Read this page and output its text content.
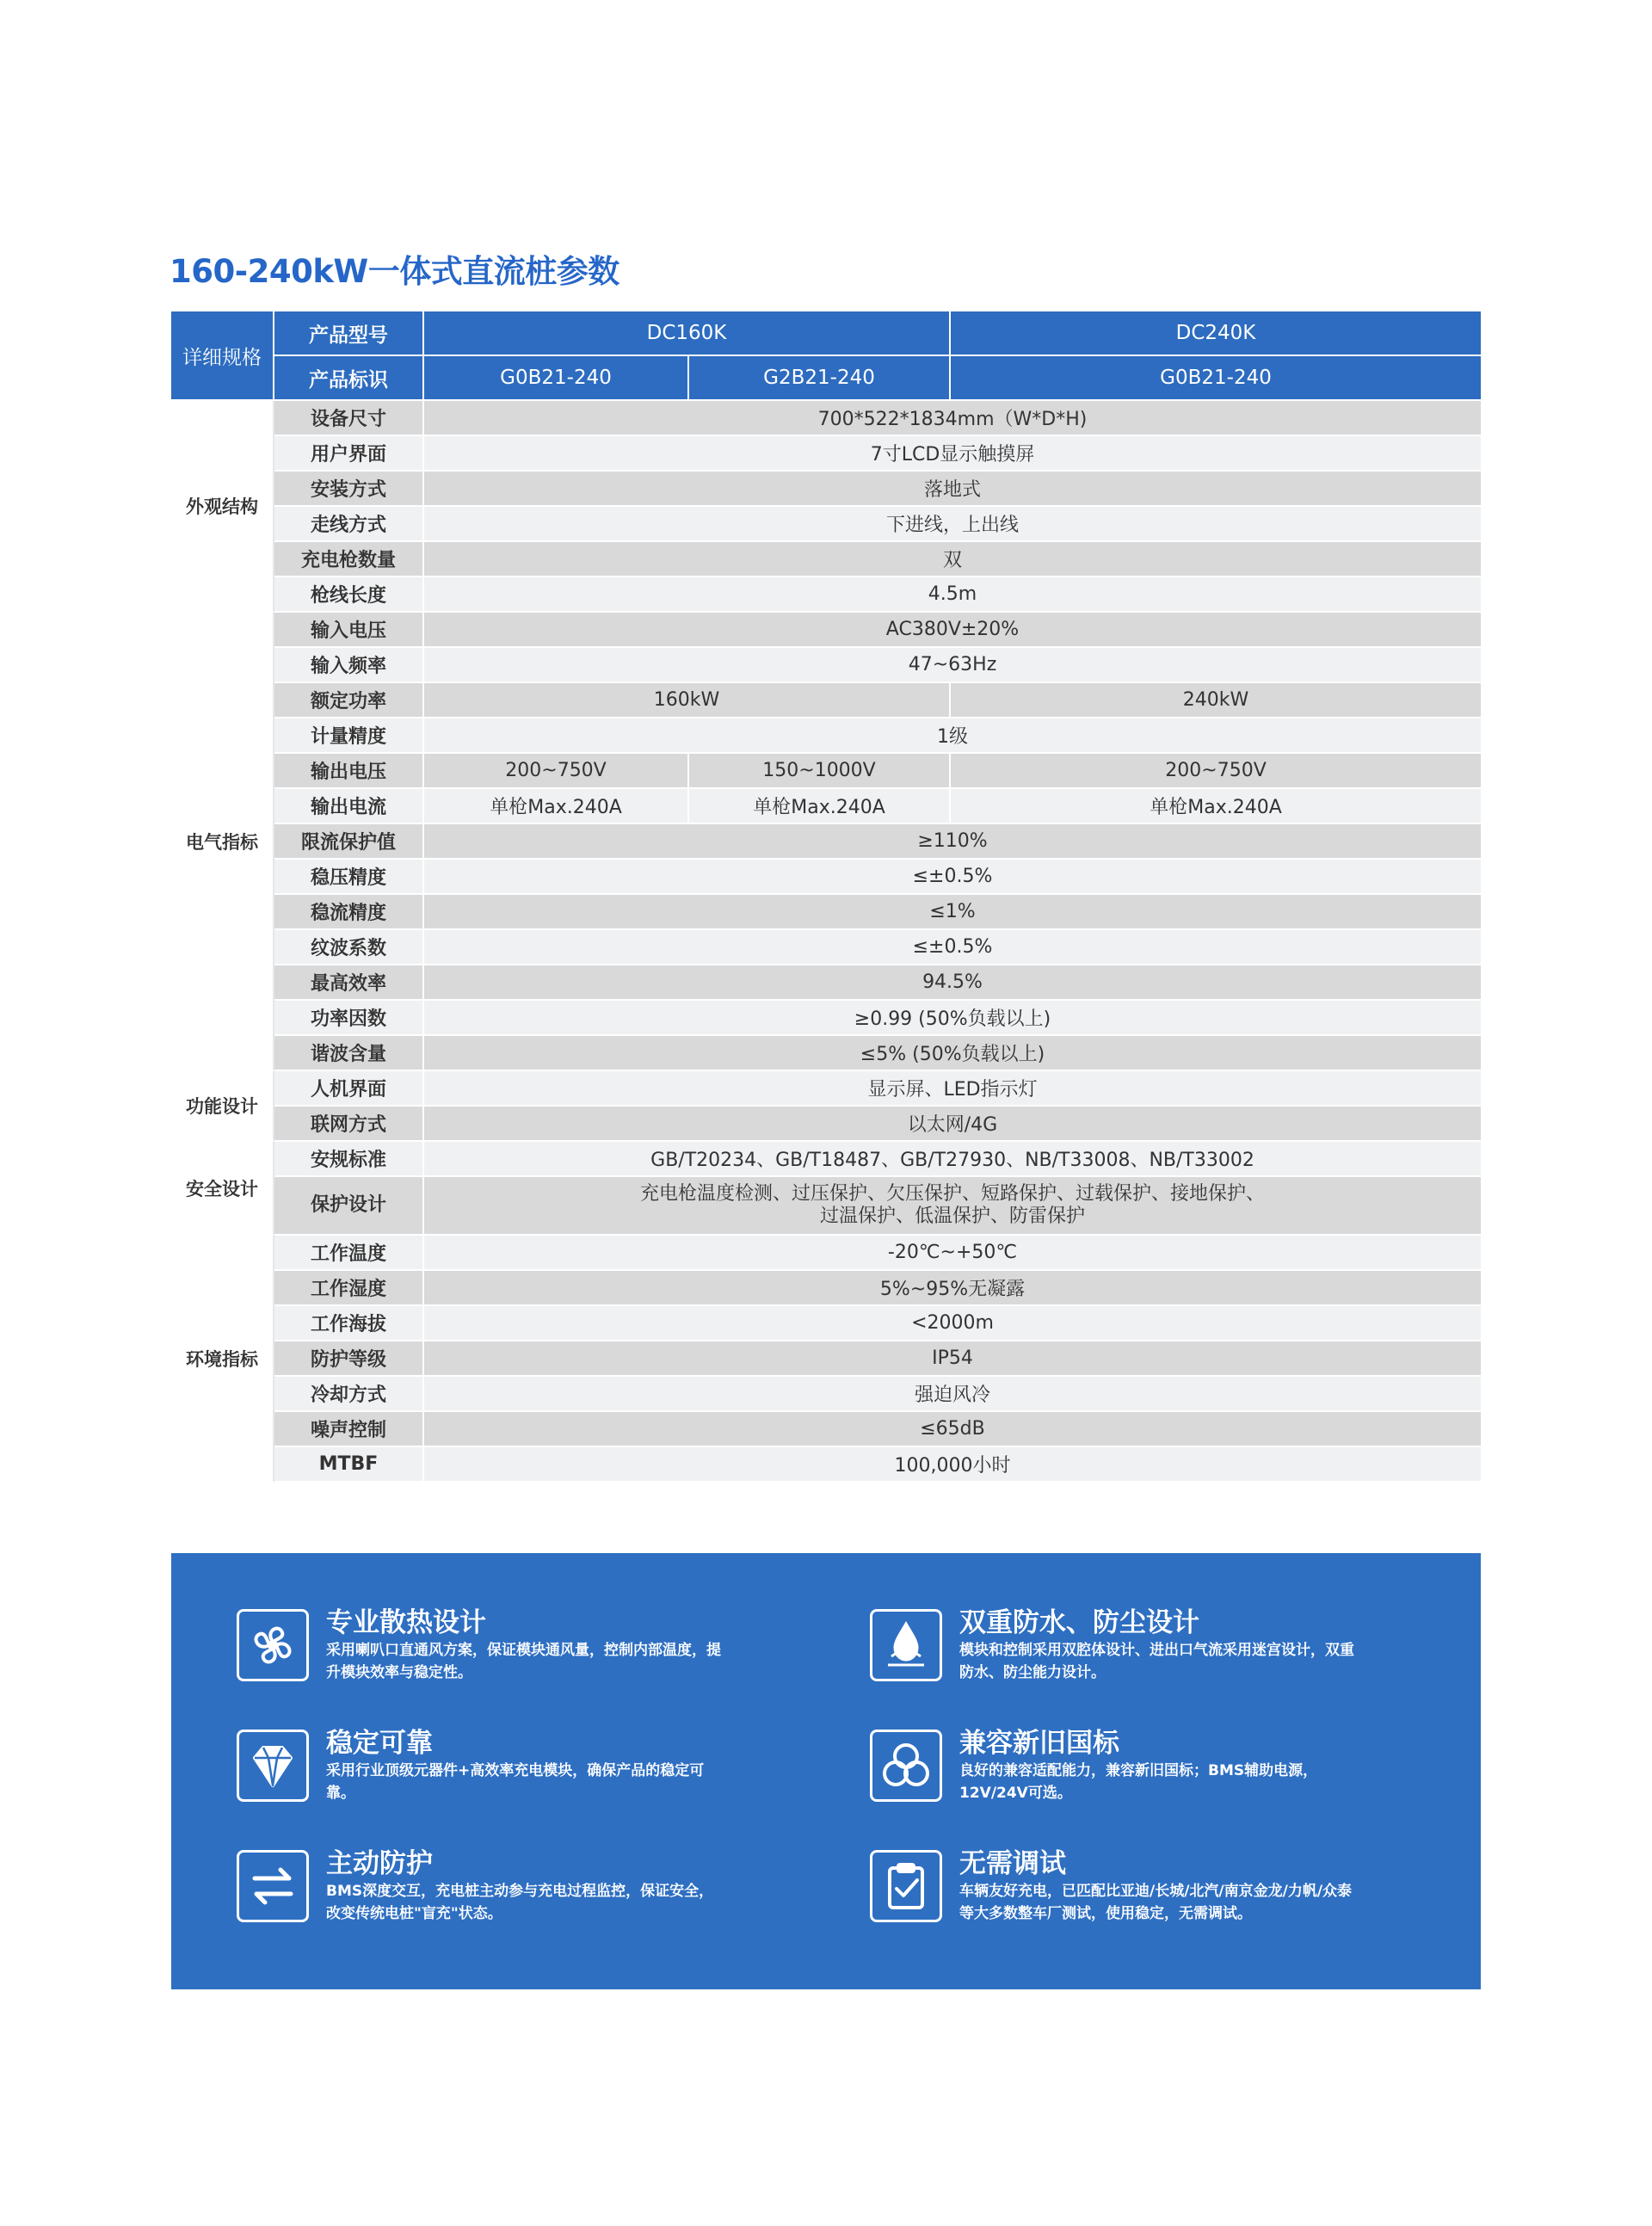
160-240kW一体式直流桩参数
详细规格	产品型号	DC160K		DC240K
	产品标识	G0B21-240	G2B21-240	G0B21-240
外观结构	设备尺寸	700*522*1834mm（W*D*H)		
	用户界面	7寸LCD显示触摸屏		
	安装方式	落地式		
	走线方式	下进线，上出线		
	充电枪数量	双		
	枪线长度	4.5m		
电气指标	输入电压	AC380V±20%		
	输入频率	47~63Hz		
	额定功率	160kW		240kW
	计量精度	1级		
	输出电压	200~750V	150~1000V	200~750V
	输出电流	单枪Max.240A	单枪Max.240A	单枪Max.240A
	限流保护值	≥110%		
	稳压精度	≤±0.5%		
	稳流精度	≤1%		
	纹波系数	≤±0.5%		
	最高效率	94.5%		
	功率因数	≥0.99 (50%负载以上)		
	谐波含量	≤5% (50%负载以上)		
功能设计	人机界面	显示屏、LED指示灯		
	联网方式	以太网/4G		
安全设计	安规标准	GB/T20234、GB/T18487、GB/T27930、NB/T33008、NB/T33002		
	保护设计	充电枪温度检测、过压保护、欠压保护、短路保护、过载保护、接地保护、
过温保护、低温保护、防雷保护		

环境指标	工作温度	-20℃~+50℃		
	工作湿度	5%~95%无凝露		
	工作海拔	<2000m		
	防护等级	IP54		
	冷却方式	强迫风冷		
	噪声控制	≤65dB		
	MTBF	100,000小时		
专业散热设计
采用喇叭口直通风方案，保证模块通风量，控制内部温度，提升模块效率与稳定性。
双重防水、防尘设计
模块和控制采用双腔体设计、进出口气流采用迷宫设计，双重防水、防尘能力设计。
稳定可靠
采用行业顶级元器件+高效率充电模块，确保产品的稳定可靠。
兼容新旧国标
良好的兼容适配能力，兼容新旧国标；BMS辅助电源，12V/24V可选。
主动防护
BMS深度交互，充电桩主动参与充电过程监控，保证安全，改变传统电桩"盲充"状态。
无需调试
车辆友好充电，已匹配比亚迪/长城/北汽/南京金龙/力帆/众泰等大多数整车厂测试，使用稳定，无需调试。
